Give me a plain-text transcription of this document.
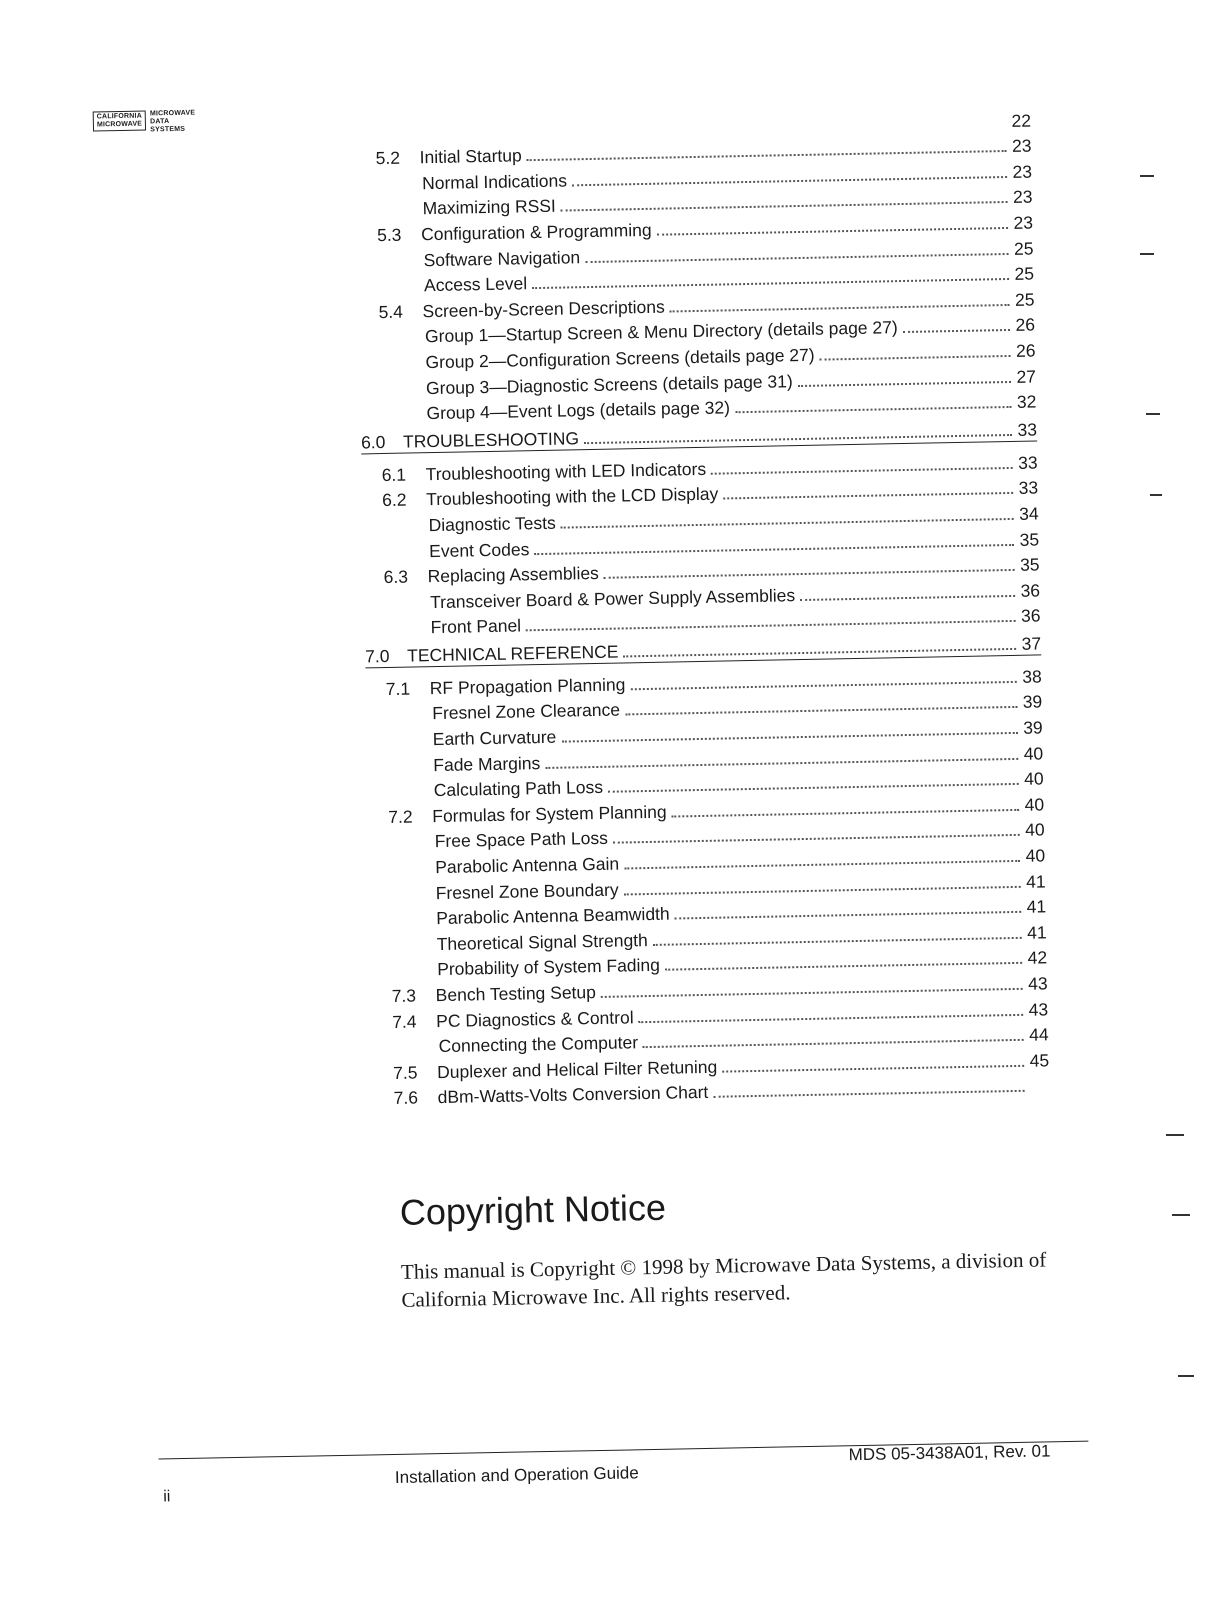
CALIFORNIA
MICROWAVE
MICROWAVE
DATA
SYSTEMS	22
5.2	Initial Startup	23
Normal Indications	23
Maximizing RSSI	23
5.3	Configuration & Programming	23
Software Navigation	25
Access Level	25
5.4	Screen-by-Screen Descriptions	25
Group 1—Startup Screen & Menu Directory (details page 27)	26
Group 2—Configuration Screens (details page 27)	26
Group 3—Diagnostic Screens (details page 31)	27
Group 4—Event Logs (details page 32)	32
6.0 TROUBLESHOOTING	33
6.1	Troubleshooting with LED Indicators	33
6.2	Troubleshooting with the LCD Display	33
Diagnostic Tests	34
Event Codes	35
6.3	Replacing Assemblies	35
Transceiver Board & Power Supply Assemblies	36
Front Panel	36
7.0 TECHNICAL REFERENCE	37
7.1	RF Propagation Planning	38
Fresnel Zone Clearance	39
Earth Curvature	39
Fade Margins	40
Calculating Path Loss	40
7.2	Formulas for System Planning	40
Free Space Path Loss	40
Parabolic Antenna Gain	40
Fresnel Zone Boundary	41
Parabolic Antenna Beamwidth	41
Theoretical Signal Strength	41
Probability of System Fading	42
7.3	Bench Testing Setup	43
7.4	PC Diagnostics & Control	43
Connecting the Computer	44
7.5	Duplexer and Helical Filter Retuning	45
7.6	dBm-Watts-Volts Conversion Chart
Copyright Notice

This manual is Copyright © 1998 by Microwave Data Systems, a division of California Microwave Inc. All rights reserved.

ii
Installation and Operation Guide
MDS 05-3438A01, Rev. 01
